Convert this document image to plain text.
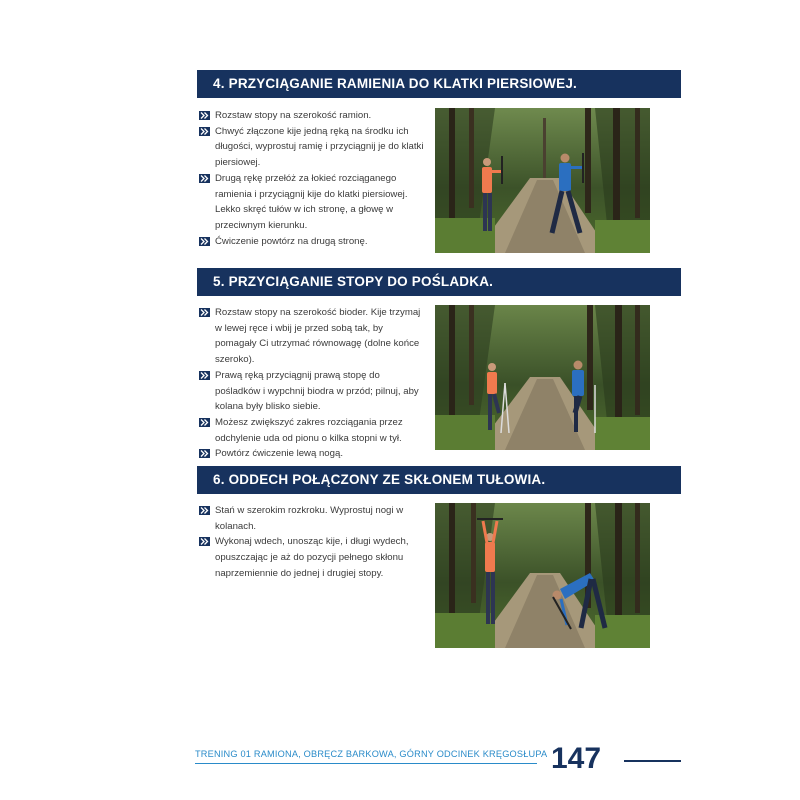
4. PRZYCIĄGANIE RAMIENIA DO KLATKI PIERSIOWEJ.
Rozstaw stopy na szerokość ramion.
Chwyć złączone kije jedną ręką na środku ich długości, wyprostuj ramię i przyciągnij je do klatki piersiowej.
Drugą rękę przełóż za łokieć rozciąganego ramienia i przyciągnij kije do klatki piersiowej. Lekko skręć tułów w ich stronę, a głowę w przeciwnym kierunku.
Ćwiczenie powtórz na drugą stronę.
5. PRZYCIĄGANIE STOPY DO POŚLADKA.
Rozstaw stopy na szerokość bioder. Kije trzymaj w lewej ręce i wbij je przed sobą tak, by pomagały Ci utrzymać równowagę (dolne końce szeroko).
Prawą ręką przyciągnij prawą stopę do pośladków i wypchnij biodra w przód; pilnuj, aby kolana były blisko siebie.
Możesz zwiększyć zakres rozciągania przez odchylenie uda od pionu o kilka stopni w tył.
Powtórz ćwiczenie lewą nogą.
6. ODDECH POŁĄCZONY ZE SKŁONEM TUŁOWIA.
Stań w szerokim rozkroku. Wyprostuj nogi w kolanach.
Wykonaj wdech, unosząc kije, i długi wydech, opuszczając je aż do pozycji pełnego skłonu naprzemiennie do jednej i drugiej stopy.
TRENING 01 RAMIONA, OBRĘCZ BARKOWA, GÓRNY ODCINEK KRĘGOSŁUPA 147
